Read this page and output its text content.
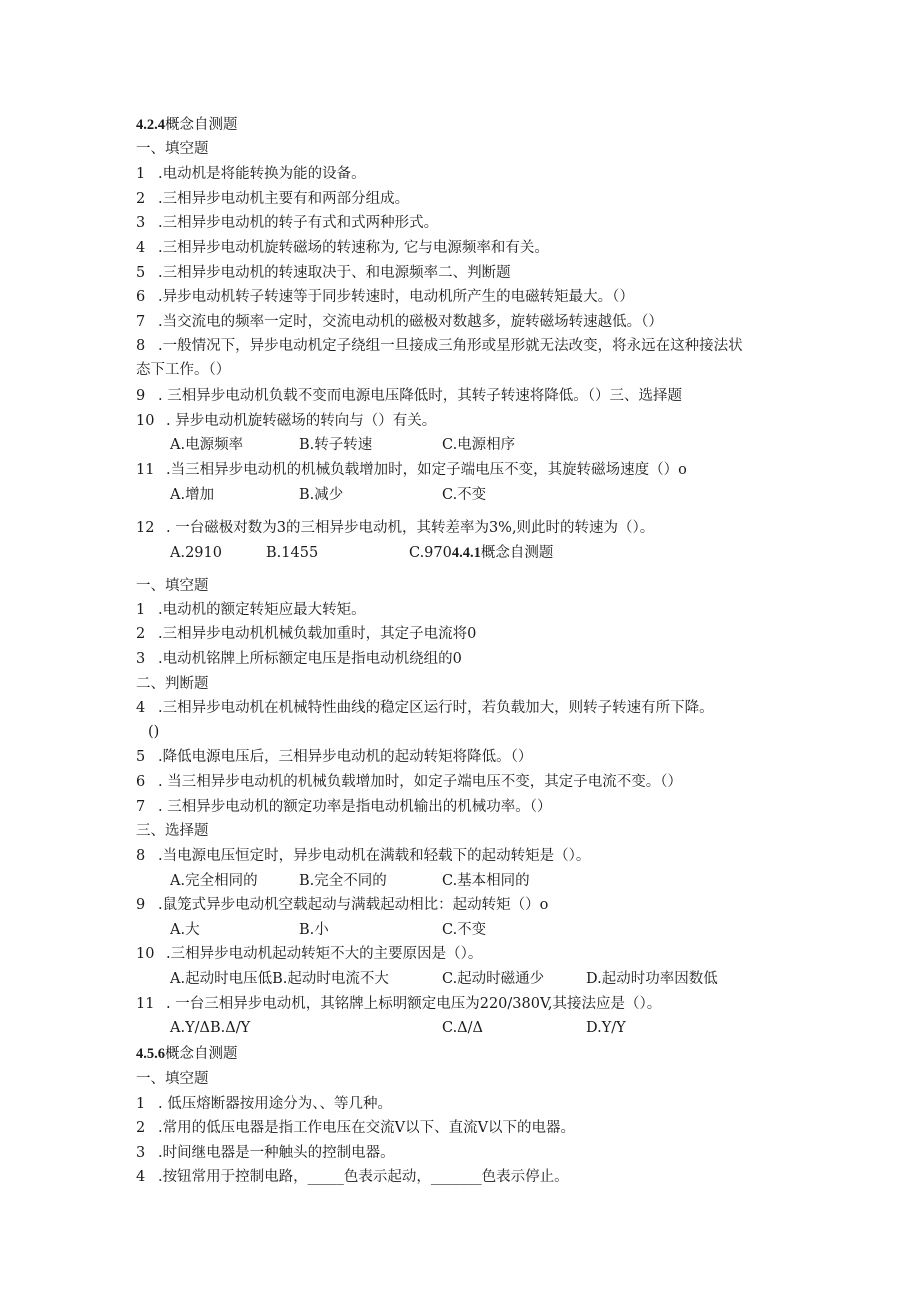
4.2.4概念自测题
一、填空题
1 .电动机是将能转换为能的设备。
2 .三相异步电动机主要有和两部分组成。
3 .三相异步电动机的转子有式和式两种形式。
4 .三相异步电动机旋转磁场的转速称为, 它与电源频率和有关。
5 .三相异步电动机的转速取决于、和电源频率二、判断题
6 .异步电动机转子转速等于同步转速时，电动机所产生的电磁转矩最大。（）
7 .当交流电的频率一定时，交流电动机的磁极对数越多，旋转磁场转速越低。（）
8 .一般情况下，异步电动机定子绕组一旦接成三角形或星形就无法改变，将永远在这种接法状
态下工作。（）
9 . 三相异步电动机负载不变而电源电压降低时，其转子转速将降低。（）三、选择题
10 . 异步电动机旋转磁场的转向与（）有关。
A.电源频率	B.转子转速	C.电源相序
11 .当三相异步电动机的机械负载增加时，如定子端电压不变，其旋转磁场速度（）o
A.增加	B.减少	C.不变
12 . 一台磁极对数为3的三相异步电动机，其转差率为3%,则此时的转速为（）。
A.2910	B.1455	C.9704.4.1概念自测题
一、填空题
1 .电动机的额定转矩应最大转矩。
2 .三相异步电动机机械负载加重时，其定子电流将0
3 .电动机铭牌上所标额定电压是指电动机绕组的0
二、判断题
4 .三相异步电动机在机械特性曲线的稳定区运行时，若负载加大，则转子转速有所下降。
()
5 .降低电源电压后，三相异步电动机的起动转矩将降低。（）
6 . 当三相异步电动机的机械负载增加时，如定子端电压不变，其定子电流不变。（）
7 . 三相异步电动机的额定功率是指电动机输出的机械功率。（）
三、选择题
8 .当电源电压恒定时，异步电动机在满载和轻载下的起动转矩是（）。
A.完全相同的	B.完全不同的	C.基本相同的
9 .鼠笼式异步电动机空载起动与满载起动相比：起动转矩（）o
A.大	B.小	C.不变
10 .三相异步电动机起动转矩不大的主要原因是（）。
A.起动时电压低B.起动时电流不大	C.起动时磁通少	D.起动时功率因数低
11 . 一台三相异步电动机，其铭牌上标明额定电压为220/380V,其接法应是（）。
A.Y/ΔB.Δ/Y	C.Δ/Δ	D.Y/Y
4.5.6概念自测题
一、填空题
1 . 低压熔断器按用途分为、、等几种。
2 .常用的低压电器是指工作电压在交流V以下、直流V以下的电器。
3 .时间继电器是一种触头的控制电器。
4 .按钮常用于控制电路，_____色表示起动，_______色表示停止。
